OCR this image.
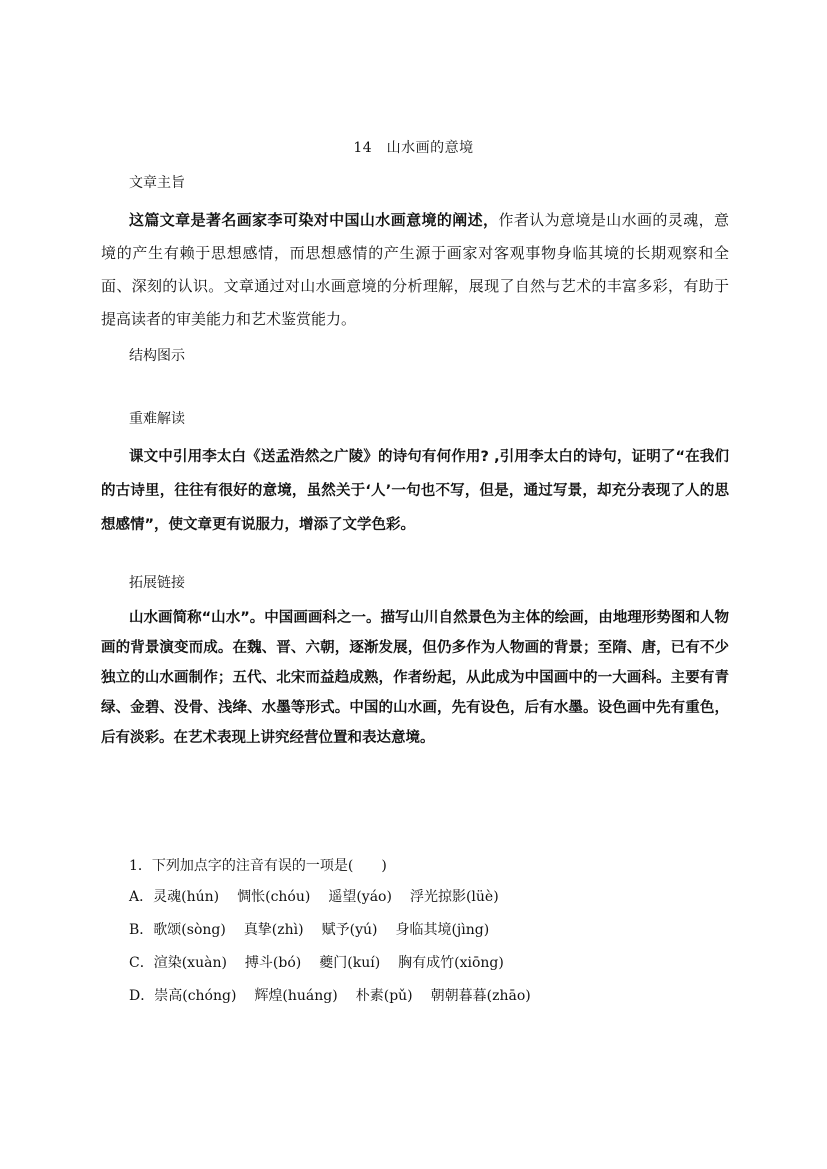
14　山水画的意境
文章主旨

这篇文章是著名画家李可染对中国山水画意境的阐述，作者认为意境是山水画的灵魂，意境的产生有赖于思想感情，而思想感情的产生源于画家对客观事物身临其境的长期观察和全面、深刻的认识。文章通过对山水画意境的分析理解，展现了自然与艺术的丰富多彩，有助于提高读者的审美能力和艺术鉴赏能力。

结构图示
重难解读

课文中引用李太白《送孟浩然之广陵》的诗句有何作用? ,引用李太白的诗句，证明了“在我们的古诗里，往往有很好的意境，虽然关于‘人’一句也不写，但是，通过写景，却充分表现了人的思想感情”，使文章更有说服力，增添了文学色彩。

拓展链接

山水画简称“山水”。中国画画科之一。描写山川自然景色为主体的绘画，由地理形势图和人物画的背景演变而成。在魏、晋、六朝，逐渐发展，但仍多作为人物画的背景；至隋、唐，已有不少独立的山水画制作；五代、北宋而益趋成熟，作者纷起，从此成为中国画中的一大画科。主要有青绿、金碧、没骨、浅绛、水墨等形式。中国的山水画，先有设色，后有水墨。设色画中先有重色，后有淡彩。在艺术表现上讲究经营位置和表达意境。

1．下列加点字的注音有误的一项是(　　)
A．灵魂(hún) 惆怅(chóu) 遥望(yáo) 浮光掠影(lüè)
B．歌颂(sòng) 真挚(zhì) 赋予(yú) 身临其境(jìng)
C．渲染(xuàn) 搏斗(bó) 夔门(kuí) 胸有成竹(xiōng)
D．崇高(chóng) 辉煌(huáng) 朴素(pǔ) 朝朝暮暮(zhāo)
